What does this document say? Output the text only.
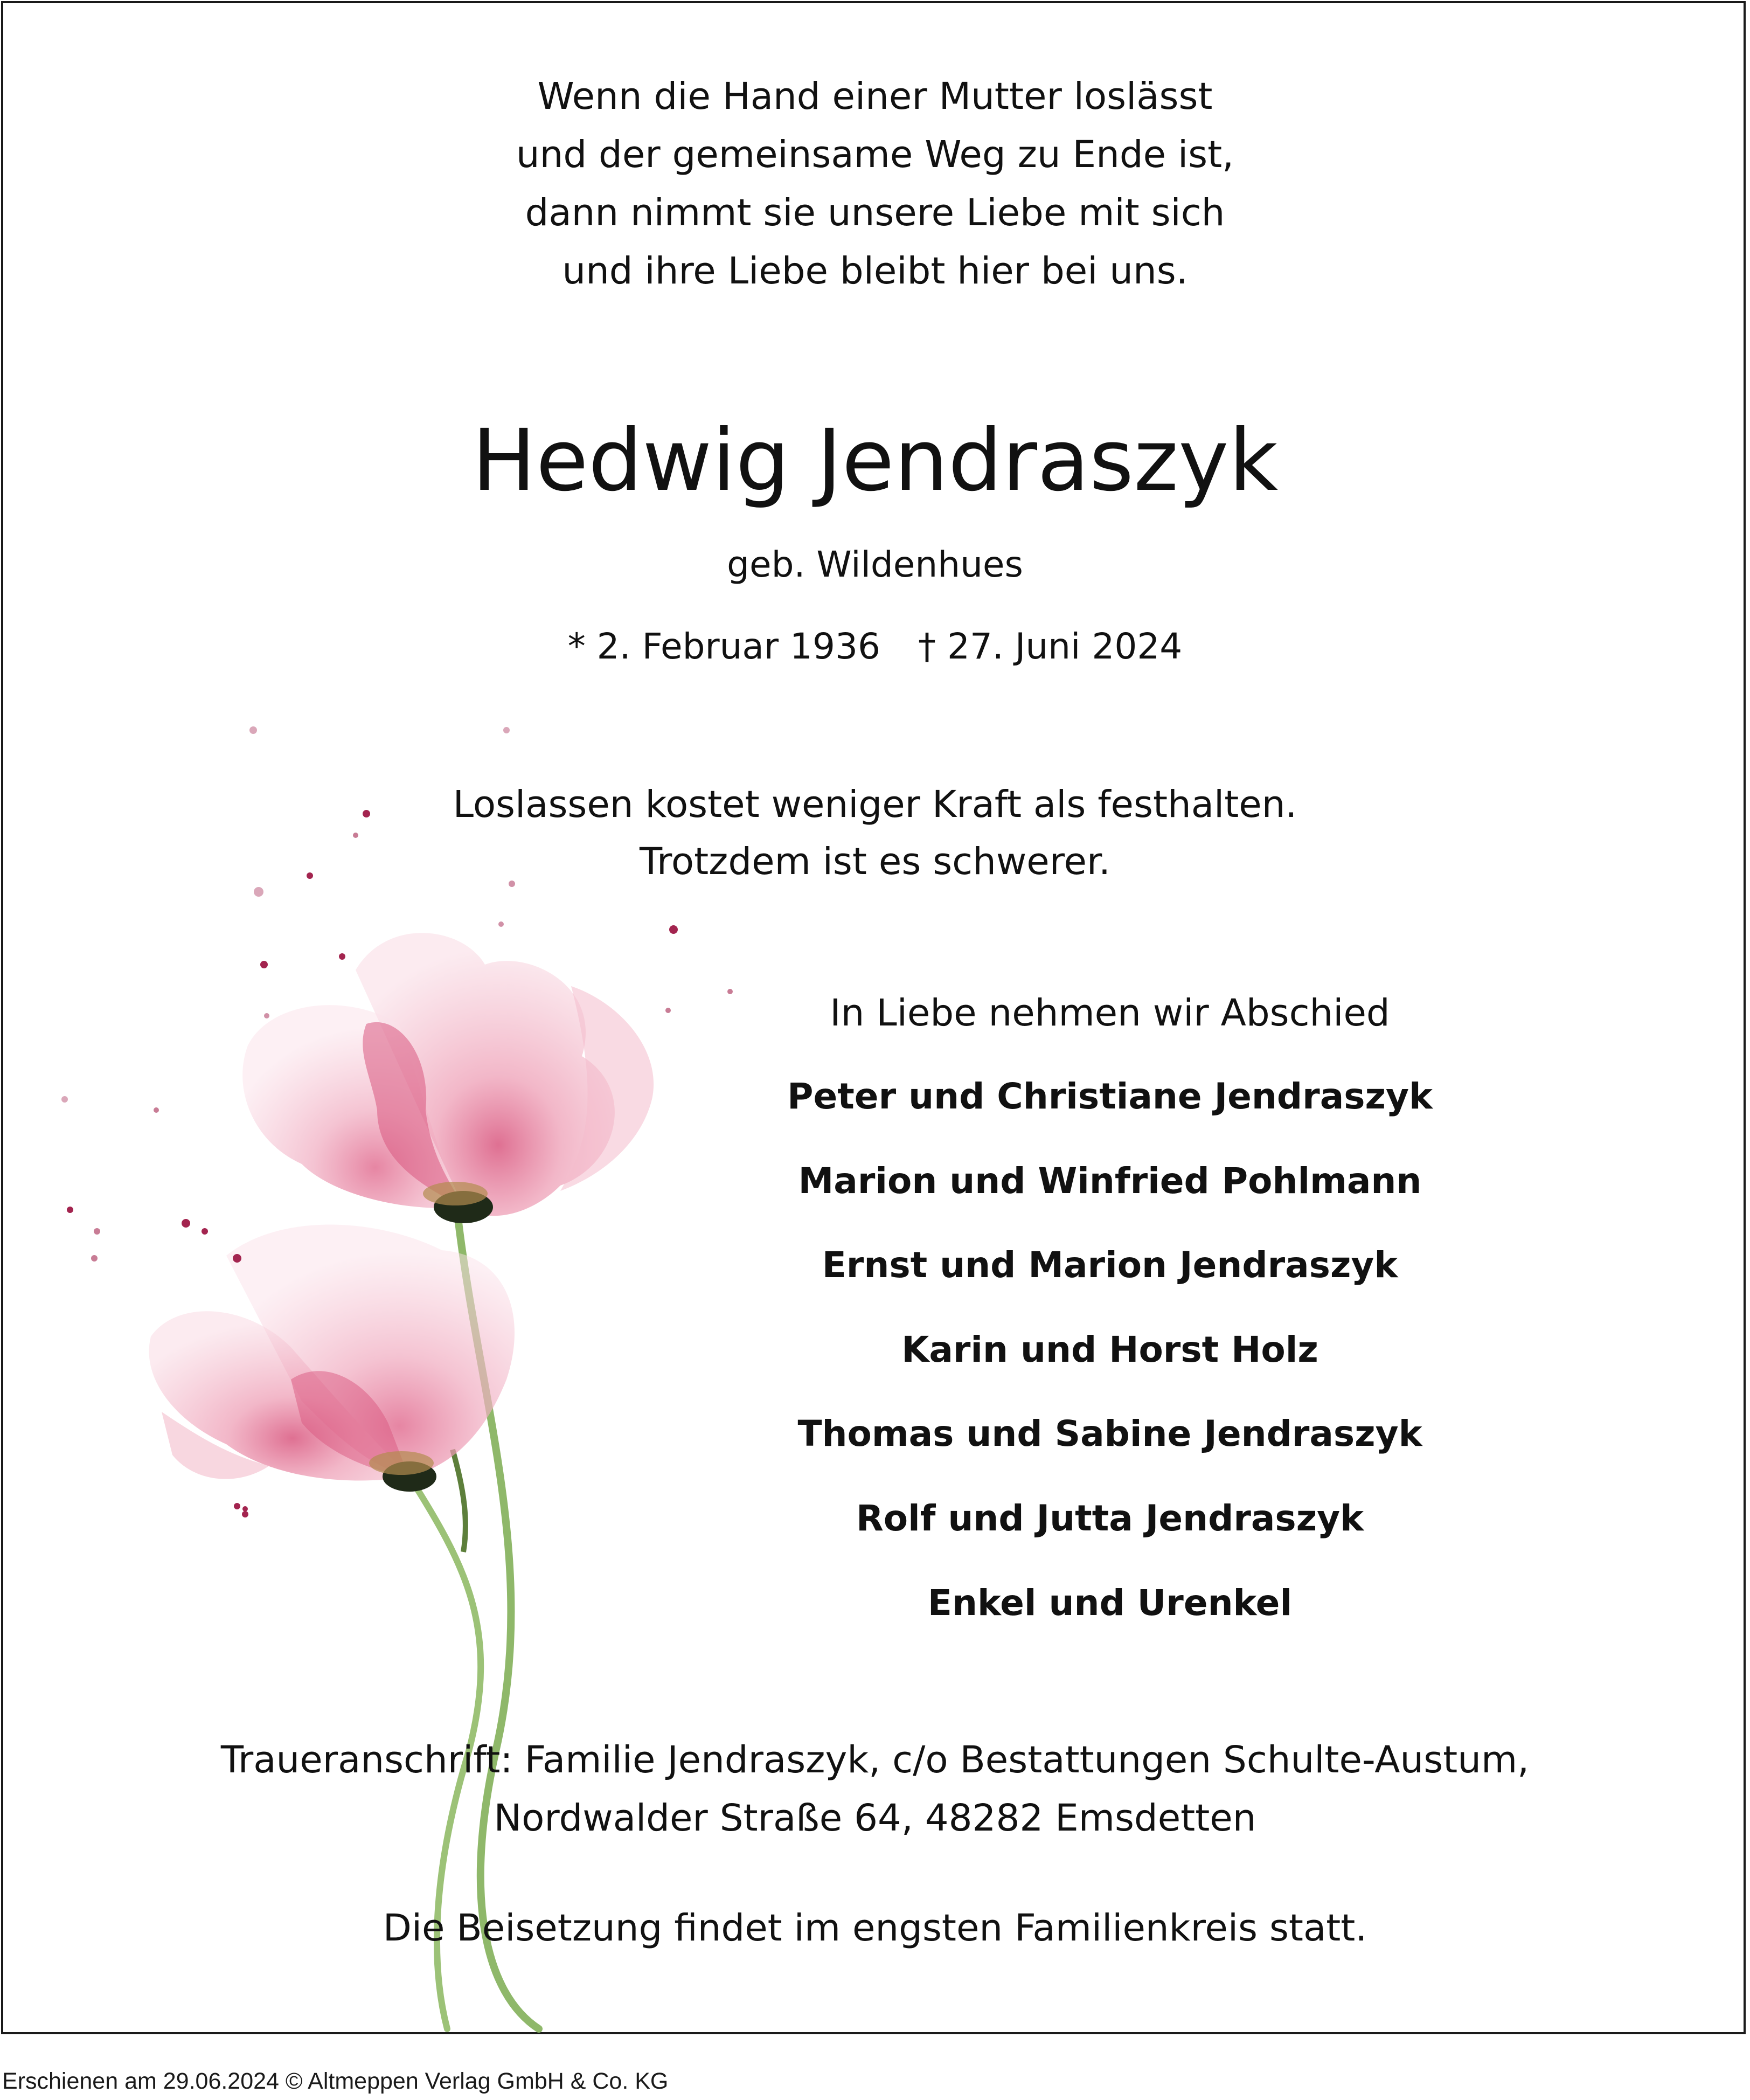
Wenn die Hand einer Mutter loslässt
und der gemeinsame Weg zu Ende ist,
dann nimmt sie unsere Liebe mit sich
und ihre Liebe bleibt hier bei uns.
Hedwig Jendraszyk
geb. Wildenhues
* 2. Februar 1936 † 27. Juni 2024
Loslassen kostet weniger Kraft als festhalten.
Trotzdem ist es schwerer.
In Liebe nehmen wir Abschied
Peter und Christiane Jendraszyk
Marion und Winfried Pohlmann
Ernst und Marion Jendraszyk
Karin und Horst Holz
Thomas und Sabine Jendraszyk
Rolf und Jutta Jendraszyk
Enkel und Urenkel
Traueranschrift: Familie Jendraszyk, c/o Bestattungen Schulte-Austum,
Nordwalder Straße 64, 48282 Emsdetten
Die Beisetzung findet im engsten Familienkreis statt.
Erschienen am 29.06.2024 © Altmeppen Verlag GmbH & Co. KG
